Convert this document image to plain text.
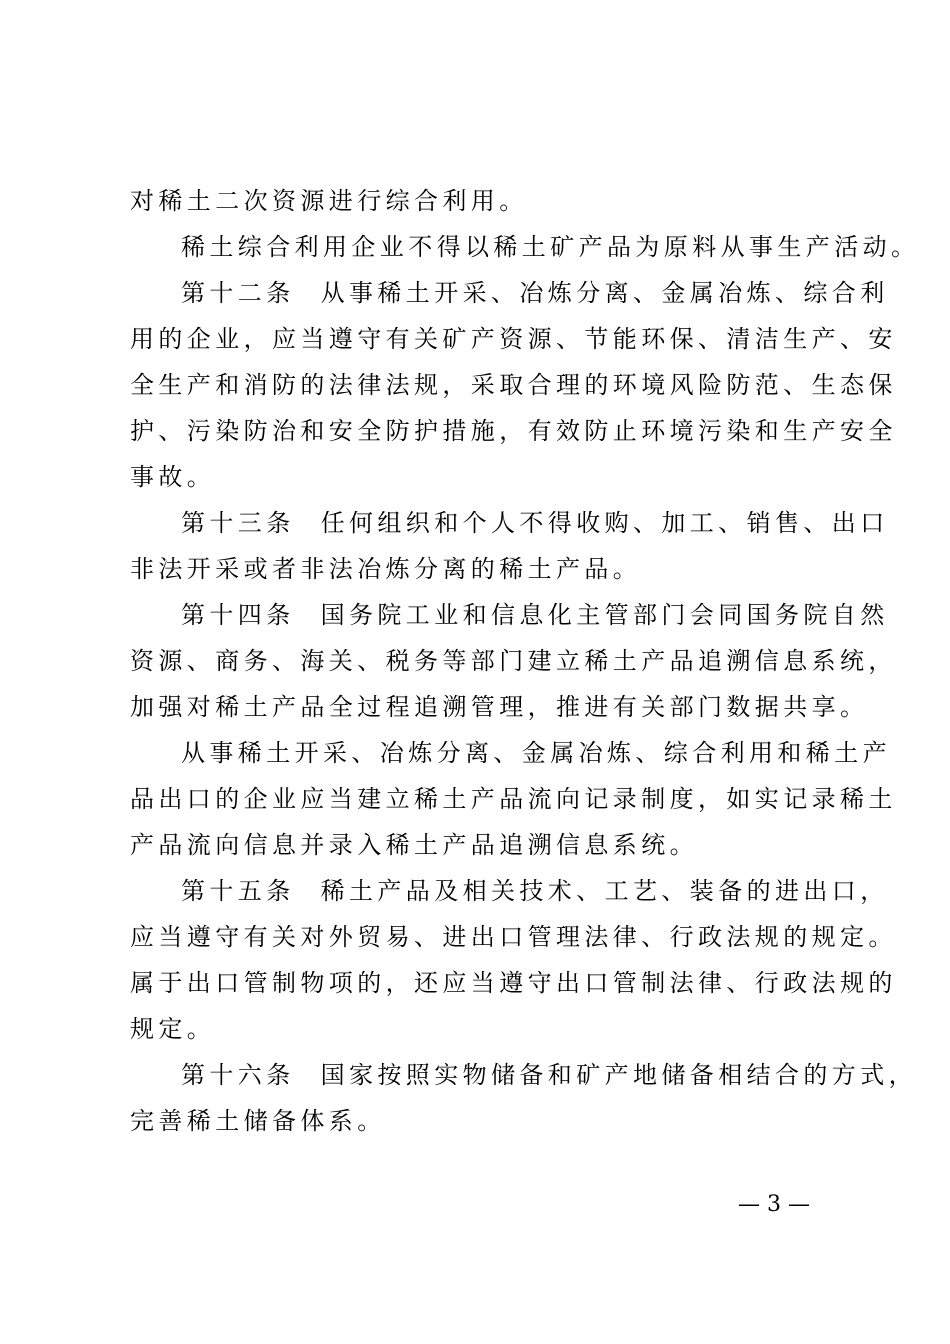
对稀土二次资源进行综合利用。
稀土综合利用企业不得以稀土矿产品为原料从事生产活动。
第十二条 从事稀土开采、冶炼分离、金属冶炼、综合利
用的企业，应当遵守有关矿产资源、节能环保、清洁生产、安
全生产和消防的法律法规，采取合理的环境风险防范、生态保
护、污染防治和安全防护措施，有效防止环境污染和生产安全
事故。
第十三条 任何组织和个人不得收购、加工、销售、出口
非法开采或者非法冶炼分离的稀土产品。
第十四条 国务院工业和信息化主管部门会同国务院自然
资源、商务、海关、税务等部门建立稀土产品追溯信息系统，
加强对稀土产品全过程追溯管理，推进有关部门数据共享。
从事稀土开采、冶炼分离、金属冶炼、综合利用和稀土产
品出口的企业应当建立稀土产品流向记录制度，如实记录稀土
产品流向信息并录入稀土产品追溯信息系统。
第十五条 稀土产品及相关技术、工艺、装备的进出口，
应当遵守有关对外贸易、进出口管理法律、行政法规的规定。
属于出口管制物项的，还应当遵守出口管制法律、行政法规的
规定。
第十六条 国家按照实物储备和矿产地储备相结合的方式，
完善稀土储备体系。
— 3 —
